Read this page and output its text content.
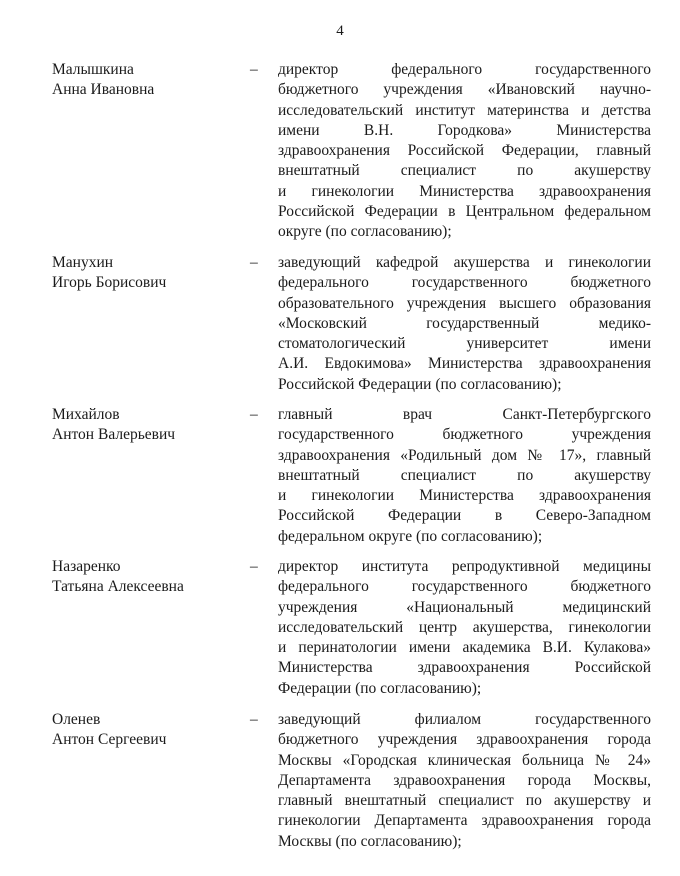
4
Малышкина
Анна Ивановна
– директор федерального государственного
бюджетного учреждения «Ивановский научно-
исследовательский институт материнства и детства
имени В.Н. Городкова» Министерства
здравоохранения Российской Федерации, главный
внештатный специалист по акушерству
и гинекологии Министерства здравоохранения
Российской Федерации в Центральном федеральном
округе (по согласованию);
Манухин
Игорь Борисович
– заведующий кафедрой акушерства и гинекологии
федерального государственного бюджетного
образовательного учреждения высшего образования
«Московский государственный медико-
стоматологический университет имени
А.И. Евдокимова» Министерства здравоохранения
Российской Федерации (по согласованию);
Михайлов
Антон Валерьевич
– главный врач Санкт-Петербургского
государственного бюджетного учреждения
здравоохранения «Родильный дом № 17», главный
внештатный специалист по акушерству
и гинекологии Министерства здравоохранения
Российской Федерации в Северо-Западном
федеральном округе (по согласованию);
Назаренко
Татьяна Алексеевна
– директор института репродуктивной медицины
федерального государственного бюджетного
учреждения «Национальный медицинский
исследовательский центр акушерства, гинекологии
и перинатологии имени академика В.И. Кулакова»
Министерства здравоохранения Российской
Федерации (по согласованию);
Оленев
Антон Сергеевич
– заведующий филиалом государственного
бюджетного учреждения здравоохранения города
Москвы «Городская клиническая больница № 24»
Департамента здравоохранения города Москвы,
главный внештатный специалист по акушерству и
гинекологии Департамента здравоохранения города
Москвы (по согласованию);
